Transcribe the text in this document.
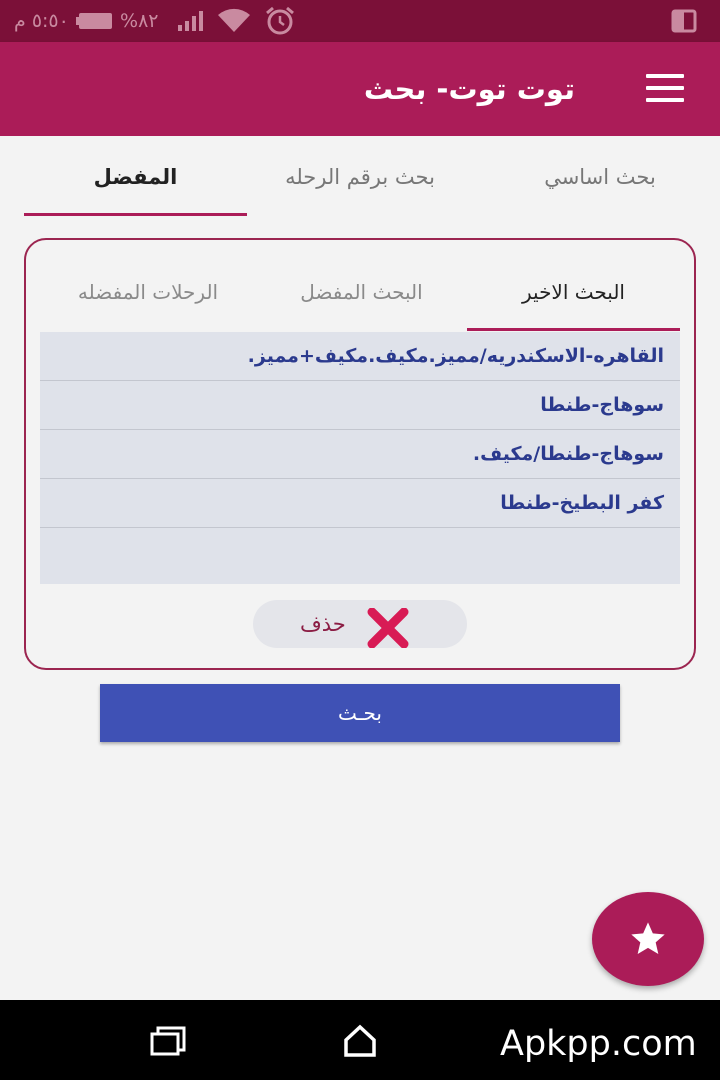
٥:٥٠ م	%٨٢
توت توت- بحث
بحث اساسي
بحث برقم الرحله
المفضل
البحث الاخير
البحث المفضل
الرحلات المفضله
القاهره-الاسكندريه/مميز.مكيف.مكيف+مميز.
سوهاج-طنطا
سوهاج-طنطا/مكيف.
كفر البطيخ-طنطا
حذف
بحـث
Apkpp.com
